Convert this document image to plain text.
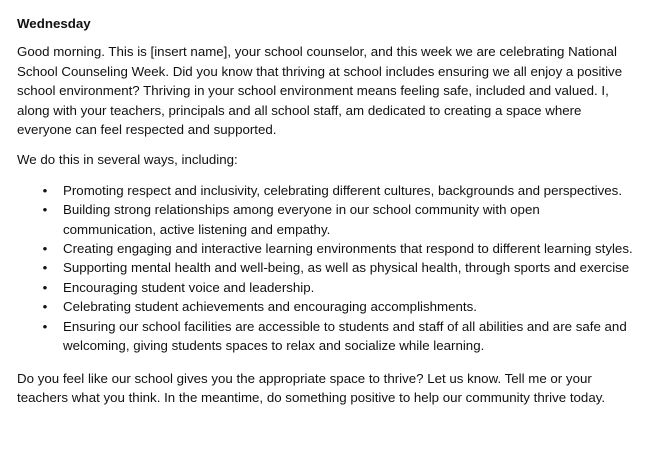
Wednesday

Good morning. This is [insert name], your school counselor, and this week we are celebrating National School Counseling Week. Did you know that thriving at school includes ensuring we all enjoy a positive school environment? Thriving in your school environment means feeling safe, included and valued. I, along with your teachers, principals and all school staff, am dedicated to creating a space where everyone can feel respected and supported.

We do this in several ways, including:

• Promoting respect and inclusivity, celebrating different cultures, backgrounds and perspectives.
• Building strong relationships among everyone in our school community with open communication, active listening and empathy.
• Creating engaging and interactive learning environments that respond to different learning styles.
• Supporting mental health and well-being, as well as physical health, through sports and exercise
• Encouraging student voice and leadership.
• Celebrating student achievements and encouraging accomplishments.
• Ensuring our school facilities are accessible to students and staff of all abilities and are safe and welcoming, giving students spaces to relax and socialize while learning.

Do you feel like our school gives you the appropriate space to thrive? Let us know. Tell me or your teachers what you think. In the meantime, do something positive to help our community thrive today.
